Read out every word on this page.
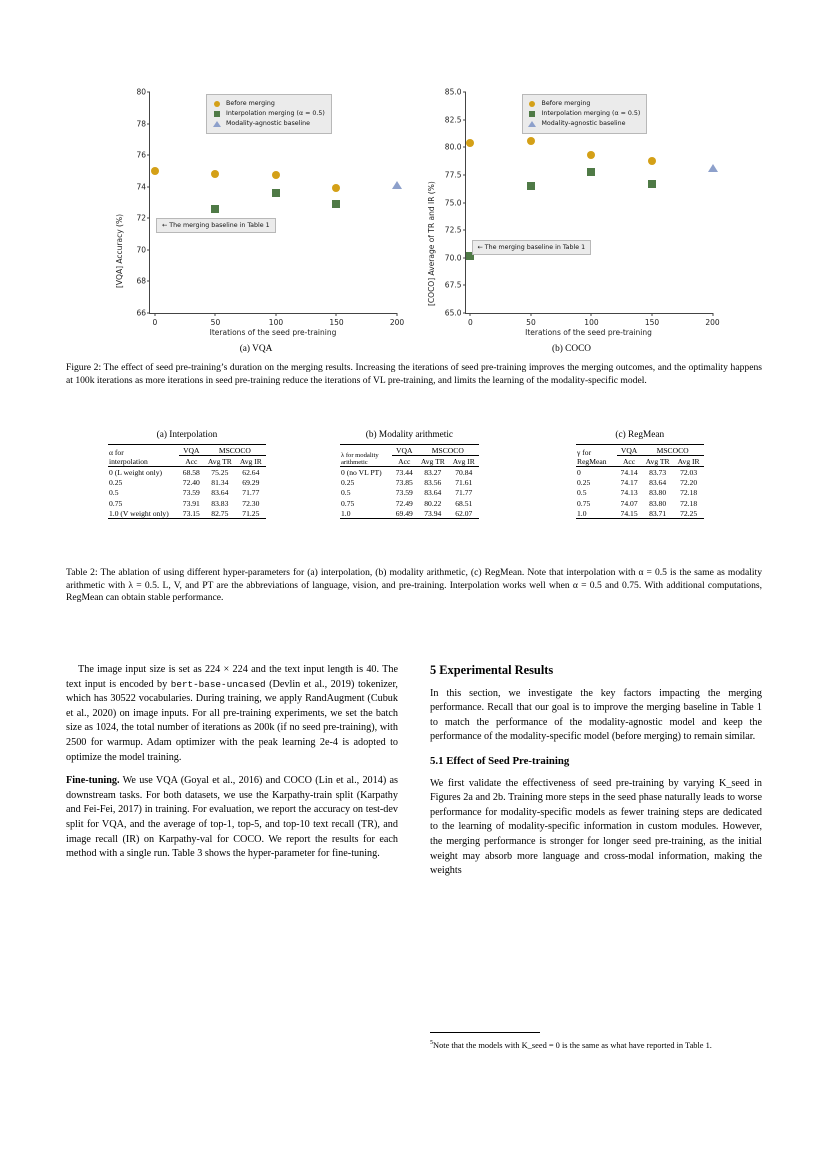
66
68
70
72
74
76
78
80
0	50	100	150	200
Before merging
Interpolation merging (α = 0.5)
Modality-agnostic baseline
← The merging baseline in Table 1
[VQA] Accuracy (%)
Iterations of the seed pre-training
(a) VQA
65.0
67.5
70.0
72.5
75.0
77.5
80.0
82.5
85.0
0	50	100	150	200
Before merging
Interpolation merging (α = 0.5)
Modality-agnostic baseline
← The merging baseline in Table 1
[COCO] Average of TR and IR (%)
Iterations of the seed pre-training
(b) COCO
Figure 2: The effect of seed pre-training’s duration on the merging results. Increasing the iterations of seed pre-training improves the merging outcomes, and the optimality happens at 100k iterations as more iterations in seed pre-training reduce the iterations of VL pre-training, and limits the learning of the modality-specific model.
(a) Interpolation
α for
interpolation	VQA	MSCOCO	
	Acc	Avg TR	Avg IR
0 (L weight only)	68.58	75.25	62.64
0.25	72.40	81.34	69.29
0.5	73.59	83.64	71.77
0.75	73.91	83.83	72.30
1.0 (V weight only)	73.15	82.75	71.25
(b) Modality arithmetic
λ for modality
arithmetic	VQA	MSCOCO	
	Acc	Avg TR	Avg IR
0 (no VL PT)	73.44	83.27	70.84
0.25	73.85	83.56	71.61
0.5	73.59	83.64	71.77
0.75	72.49	80.22	68.51
1.0	69.49	73.94	62.07
(c) RegMean
γ for
RegMean	VQA	MSCOCO	
	Acc	Avg TR	Avg IR
0	74.14	83.73	72.03
0.25	74.17	83.64	72.20
0.5	74.13	83.80	72.18
0.75	74.07	83.80	72.18
1.0	74.15	83.71	72.25
Table 2: The ablation of using different hyper-parameters for (a) interpolation, (b) modality arithmetic, (c) RegMean. Note that interpolation with α = 0.5 is the same as modality arithmetic with λ = 0.5. L, V, and PT are the abbreviations of language, vision, and pre-training. Interpolation works well when α = 0.5 and 0.75. With additional computations, RegMean can obtain stable performance.

The image input size is set as 224 × 224 and the text input length is 40. The text input is encoded by bert-base-uncased (Devlin et al., 2019) tokenizer, which has 30522 vocabularies. During training, we apply RandAugment (Cubuk et al., 2020) on image inputs. For all pre-training experiments, we set the batch size as 1024, the total number of iterations as 200k (if no seed pre-training), with 2500 for warmup. Adam optimizer with the peak learning 2e-4 is adopted to optimize the model training.

Fine-tuning. We use VQA (Goyal et al., 2016) and COCO (Lin et al., 2014) as downstream tasks. For both datasets, we use the Karpathy-train split (Karpathy and Fei-Fei, 2017) in training. For evaluation, we report the accuracy on test-dev split for VQA, and the average of top-1, top-5, and top-10 text recall (TR), and image recall (IR) on Karpathy-val for COCO. We report the results for each method with a single run. Table 3 shows the hyper-parameter for fine-tuning.

5 Experimental Results

In this section, we investigate the key factors impacting the merging performance. Recall that our goal is to improve the merging baseline in Table 1 to match the performance of the modality-agnostic model and keep the performance of the modality-specific model (before merging) to remain similar.

5.1 Effect of Seed Pre-training

We first validate the effectiveness of seed pre-training by varying K_seed in Figures 2a and 2b. Training more steps in the seed phase naturally leads to worse performance for modality-specific models as fewer training steps are dedicated to the learning of modality-specific information in custom modules. However, the merging performance is stronger for longer seed pre-training, as the initial weight may absorb more language and cross-modal information, making the weights

$^5$Note that the models with K_seed = 0 is the same as what have reported in Table 1.
